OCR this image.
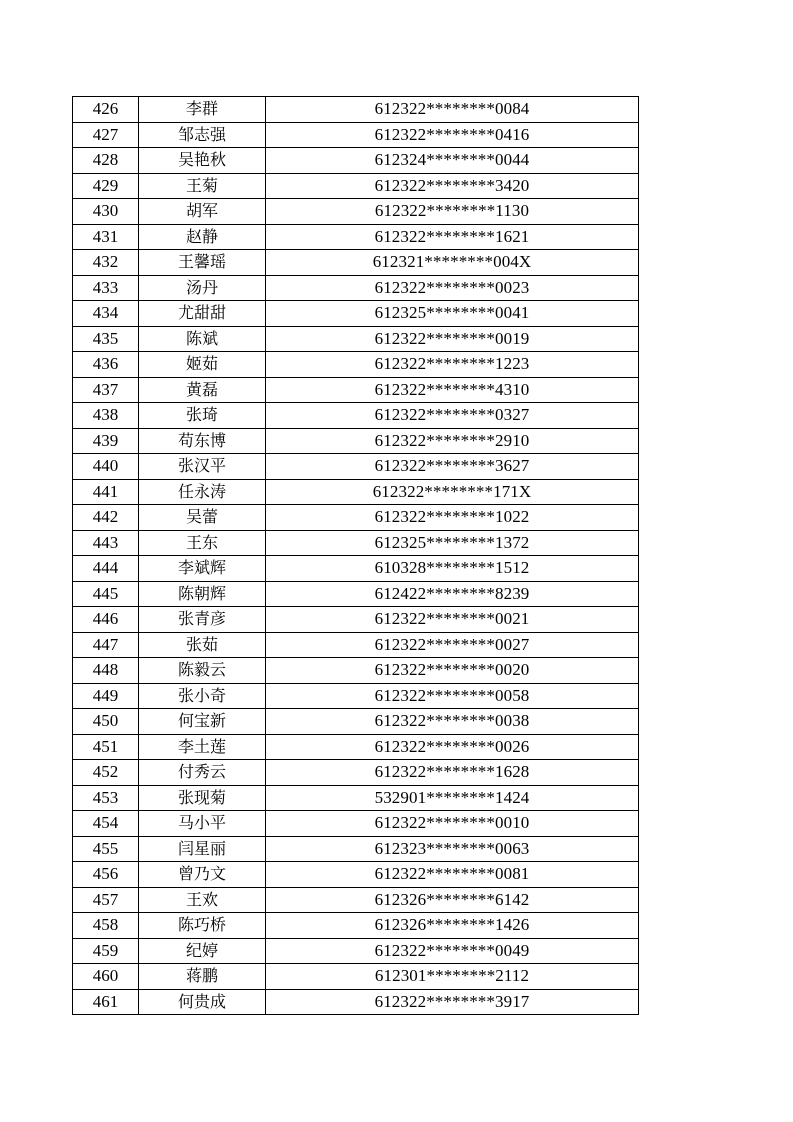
426	李群	612322********0084
427	邹志强	612322********0416
428	吴艳秋	612324********0044
429	王菊	612322********3420
430	胡军	612322********1130
431	赵静	612322********1621
432	王馨瑶	612321********004X
433	汤丹	612322********0023
434	尤甜甜	612325********0041
435	陈斌	612322********0019
436	姬茹	612322********1223
437	黄磊	612322********4310
438	张琦	612322********0327
439	苟东博	612322********2910
440	张汉平	612322********3627
441	任永涛	612322********171X
442	吴蕾	612322********1022
443	王东	612325********1372
444	李斌辉	610328********1512
445	陈朝辉	612422********8239
446	张青彦	612322********0021
447	张茹	612322********0027
448	陈毅云	612322********0020
449	张小奇	612322********0058
450	何宝新	612322********0038
451	李土莲	612322********0026
452	付秀云	612322********1628
453	张现菊	532901********1424
454	马小平	612322********0010
455	闫星丽	612323********0063
456	曾乃文	612322********0081
457	王欢	612326********6142
458	陈巧桥	612326********1426
459	纪婷	612322********0049
460	蒋鹏	612301********2112
461	何贵成	612322********3917
